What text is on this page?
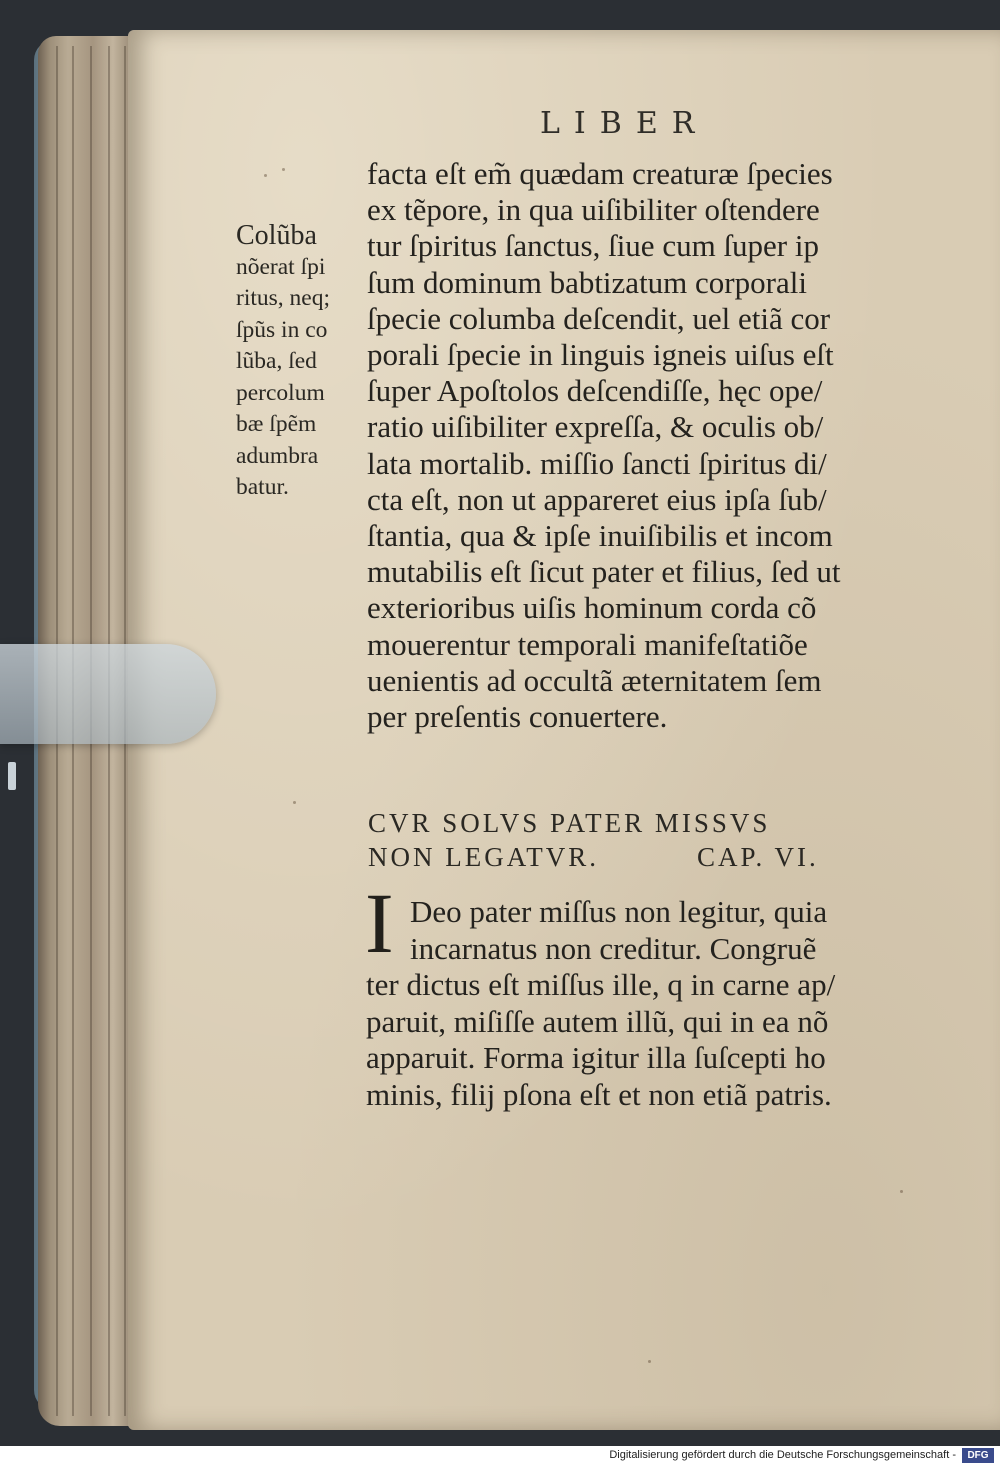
LIBER
Colũba
nõerat ſpi
ritus, neq;
ſpũs in co
lũba, ſed
percolum
bæ ſpẽm
adumbra
batur.
facta eſt em̃ quædam creaturæ ſpecies
ex tẽpore, in qua uiſibiliter oſtendere
tur ſpiritus ſanctus, ſiue cum ſuper ip
ſum dominum babtizatum corporali
ſpecie columba deſcendit, uel etiã cor
porali ſpecie in linguis igneis uiſus eſt
ſuper Apoſtolos deſcendiſſe, hęc ope/
ratio uiſibiliter expreſſa, & oculis ob/
lata mortalib. miſſio ſancti ſpiritus di/
cta eſt, non ut appareret eius ipſa ſub/
ſtantia, qua & ipſe inuiſibilis et incom
mutabilis eſt ſicut pater et filius, ſed ut
exterioribus uiſis hominum corda cõ
mouerentur temporali manifeſtatiõe
uenientis ad occultã æternitatem ſem
per preſentis conuertere.
CVR SOLVS PATER MISSVS
NON LEGATVR.	CAP. VI.
I Deo pater miſſus non legitur, quia
incarnatus non creditur. Congruẽ
ter dictus eſt miſſus ille, q in carne ap/
paruit, miſiſſe autem illũ, qui in ea nõ
apparuit. Forma igitur illa ſuſcepti ho
minis, filij pſona eſt et non etiã patris.
Digitalisierung gefördert durch die Deutsche Forschungsgemeinschaft -	DFG
